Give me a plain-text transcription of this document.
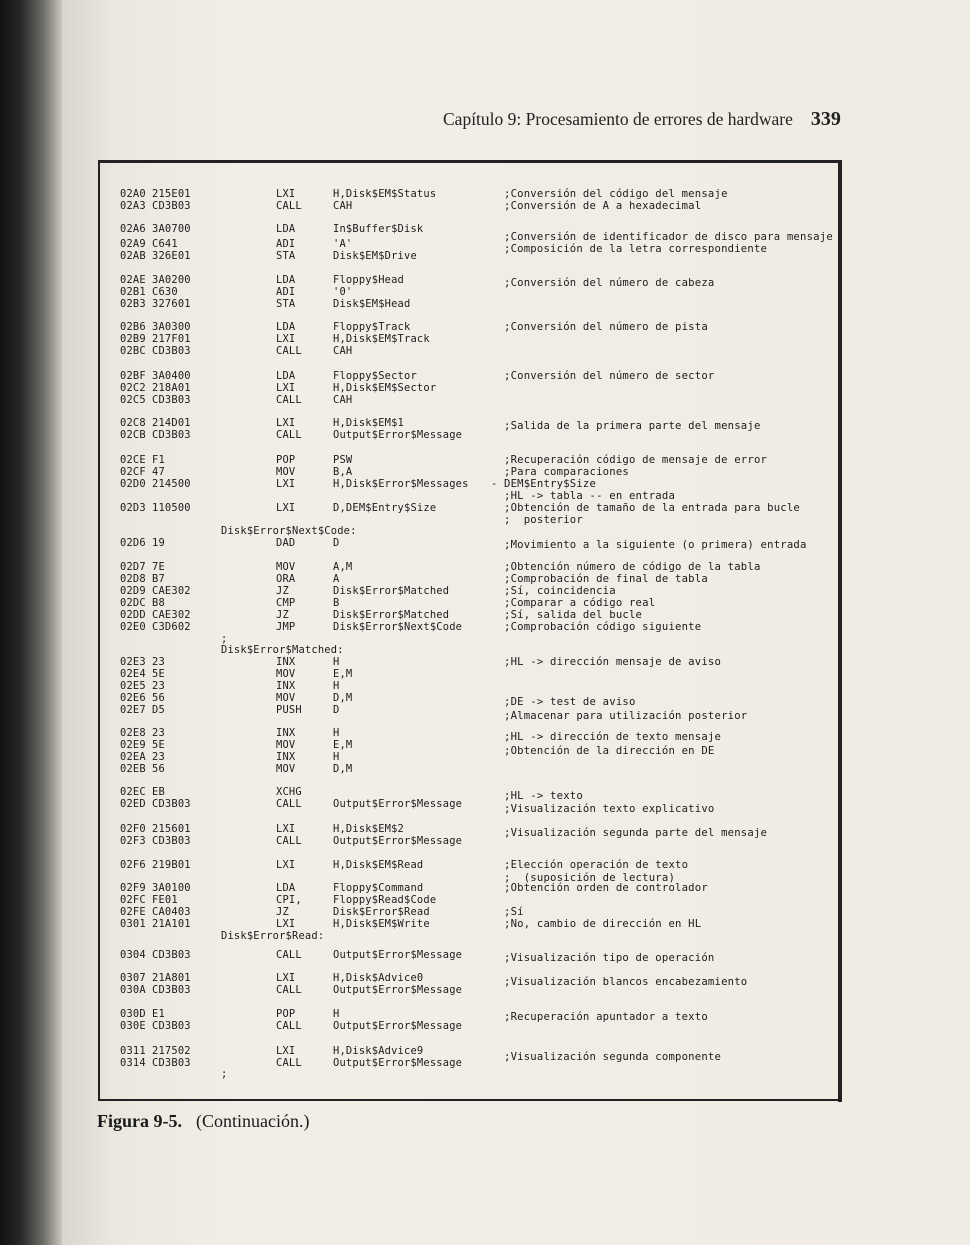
Capítulo 9: Procesamiento de errores de hardware 339
02A0 215E01	LXI	H,Disk$EM$Status	;Conversión del código del mensaje
02A3 CD3B03	CALL	CAH	;Conversión de A a hexadecimal
02A6 3A0700	LDA	In$Buffer$Disk
;Conversión de identificador de disco para mensaje
02A9 C641	ADI	'A'	;Composición de la letra correspondiente
02AB 326E01	STA	Disk$EM$Drive
02AE 3A0200	LDA	Floppy$Head	;Conversión del número de cabeza
02B1 C630	ADI	'0'
02B3 327601	STA	Disk$EM$Head
02B6 3A0300	LDA	Floppy$Track	;Conversión del número de pista
02B9 217F01	LXI	H,Disk$EM$Track
02BC CD3B03	CALL	CAH
02BF 3A0400	LDA	Floppy$Sector	;Conversión del número de sector
02C2 218A01	LXI	H,Disk$EM$Sector
02C5 CD3B03	CALL	CAH
02C8 214D01	LXI	H,Disk$EM$1	;Salida de la primera parte del mensaje
02CB CD3B03	CALL	Output$Error$Message
02CE F1	POP	PSW	;Recuperación código de mensaje de error
02CF 47	MOV	B,A	;Para comparaciones
02D0 214500	LXI	H,Disk$Error$Messages - DEM$Entry$Size
;HL -> tabla -- en entrada
02D3 110500	LXI	D,DEM$Entry$Size	;Obtención de tamaño de la entrada para bucle
;  posterior
Disk$Error$Next$Code:
02D6 19	DAD	D	;Movimiento a la siguiente (o primera) entrada
02D7 7E	MOV	A,M	;Obtención número de código de la tabla
02D8 B7	ORA	A	;Comprobación de final de tabla
02D9 CAE302	JZ	Disk$Error$Matched	;Sí, coincidencia
02DC B8	CMP	B	;Comparar a código real
02DD CAE302	JZ	Disk$Error$Matched	;Sí, salida del bucle
02E0 C3D602	JMP	Disk$Error$Next$Code	;Comprobación código siguiente
;
Disk$Error$Matched:
02E3 23	INX	H	;HL -> dirección mensaje de aviso
02E4 5E	MOV	E,M
02E5 23	INX	H
02E6 56	MOV	D,M	;DE -> test de aviso
02E7 D5	PUSH	D	;Almacenar para utilización posterior
02E8 23	INX	H	;HL -> dirección de texto mensaje
02E9 5E	MOV	E,M	;Obtención de la dirección en DE
02EA 23	INX	H
02EB 56	MOV	D,M
02EC EB	XCHG	;HL -> texto
02ED CD3B03	CALL	Output$Error$Message	;Visualización texto explicativo
02F0 215601	LXI	H,Disk$EM$2	;Visualización segunda parte del mensaje
02F3 CD3B03	CALL	Output$Error$Message
02F6 219B01	LXI	H,Disk$EM$Read	;Elección operación de texto
;  (suposición de lectura)
02F9 3A0100	LDA	Floppy$Command	;Obtención orden de controlador
02FC FE01	CPI,	Floppy$Read$Code
02FE CA0403	JZ	Disk$Error$Read	;Sí
0301 21A101	LXI	H,Disk$EM$Write	;No, cambio de dirección en HL
Disk$Error$Read:
0304 CD3B03	CALL	Output$Error$Message	;Visualización tipo de operación
0307 21A801	LXI	H,Disk$Advice0	;Visualización blancos encabezamiento
030A CD3B03	CALL	Output$Error$Message
030D E1	POP	H	;Recuperación apuntador a texto
030E CD3B03	CALL	Output$Error$Message
0311 217502	LXI	H,Disk$Advice9	;Visualización segunda componente
0314 CD3B03	CALL	Output$Error$Message
;
Figura 9-5. (Continuación.)
